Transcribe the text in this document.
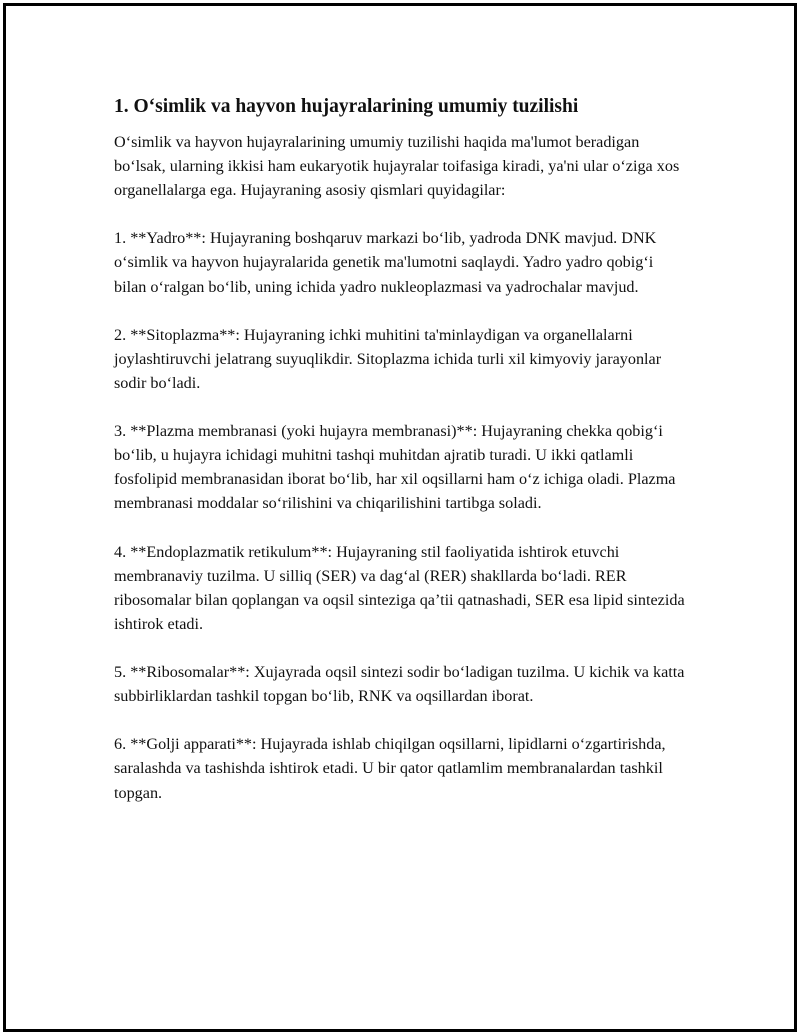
1. O‘simlik va hayvon hujayralarining umumiy tuzilishi

O‘simlik va hayvon hujayralarining umumiy tuzilishi haqida ma'lumot beradigan bo‘lsak, ularning ikkisi ham eukaryotik hujayralar toifasiga kiradi, ya'ni ular o‘ziga xos organellalarga ega. Hujayraning asosiy qismlari quyidagilar:

1. **Yadro**: Hujayraning boshqaruv markazi bo‘lib, yadroda DNK mavjud. DNK o‘simlik va hayvon hujayralarida genetik ma'lumotni saqlaydi. Yadro yadro qobig‘i bilan o‘ralgan bo‘lib, uning ichida yadro nukleoplazmasi va yadrochalar mavjud.

2. **Sitoplazma**: Hujayraning ichki muhitini ta'minlaydigan va organellalarni joylashtiruvchi jelatrang suyuqlikdir. Sitoplazma ichida turli xil kimyoviy jarayonlar sodir bo‘ladi.

3. **Plazma membranasi (yoki hujayra membranasi)**: Hujayraning chekka qobig‘i bo‘lib, u hujayra ichidagi muhitni tashqi muhitdan ajratib turadi. U ikki qatlamli fosfolipid membranasidan iborat bo‘lib, har xil oqsillarni ham o‘z ichiga oladi. Plazma membranasi moddalar so‘rilishini va chiqarilishini tartibga soladi.

4. **Endoplazmatik retikulum**: Hujayraning stil faoliyatida ishtirok etuvchi membranaviy tuzilma. U silliq (SER) va dag‘al (RER) shakllarda bo‘ladi. RER ribosomalar bilan qoplangan va oqsil sinteziga qa’tii qatnashadi, SER esa lipid sintezida ishtirok etadi.

5. **Ribosomalar**: Xujayrada oqsil sintezi sodir bo‘ladigan tuzilma. U kichik va katta subbirliklardan tashkil topgan bo‘lib, RNK va oqsillardan iborat.

6. **Golji apparati**: Hujayrada ishlab chiqilgan oqsillarni, lipidlarni o‘zgartirishda, saralashda va tashishda ishtirok etadi. U bir qator qatlamlim membranalardan tashkil topgan.
